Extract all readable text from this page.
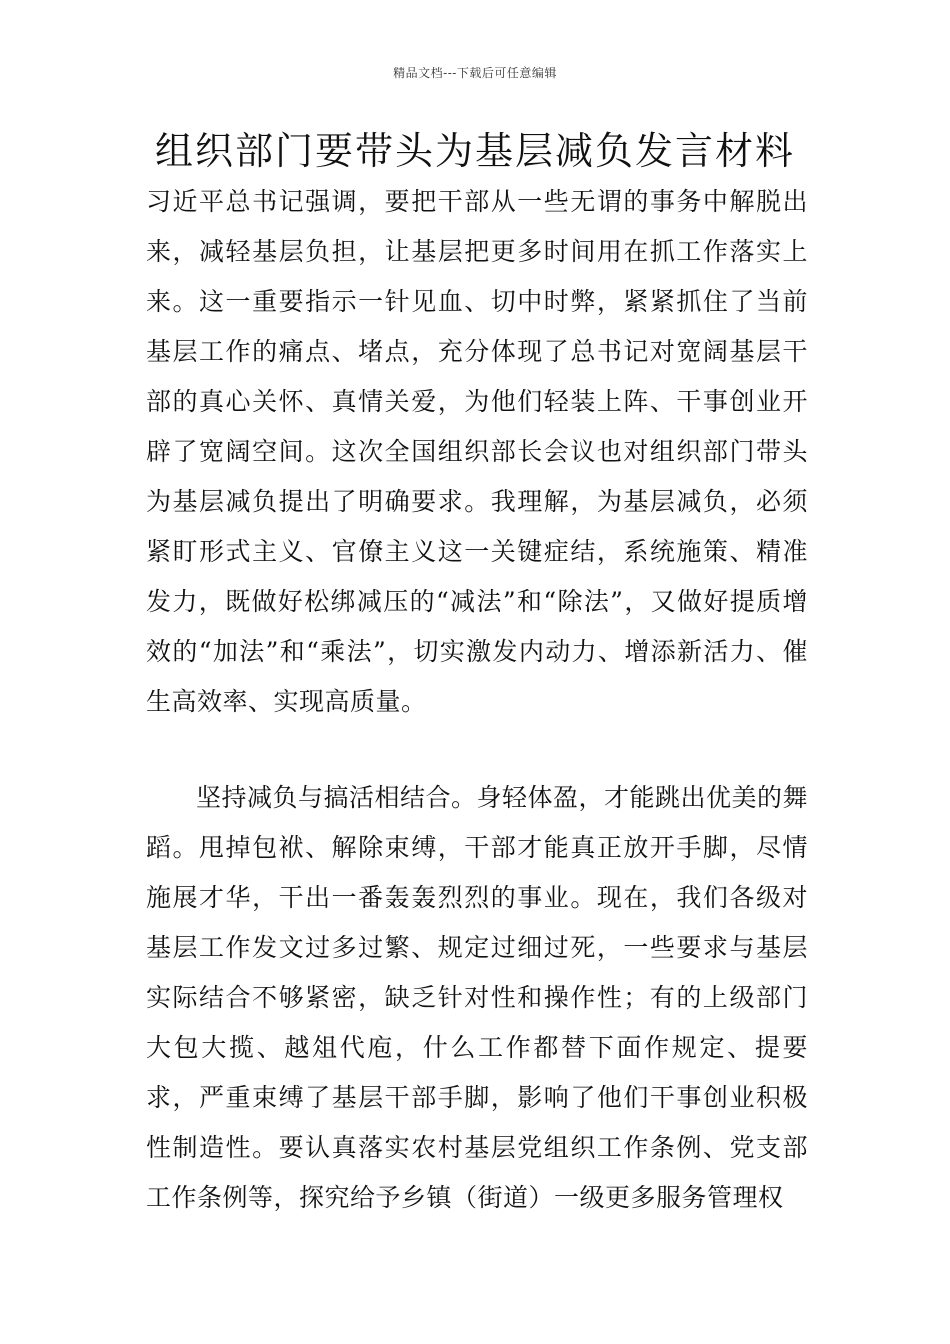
精品文档---下载后可任意编辑
组织部门要带头为基层减负发言材料

习近平总书记强调，要把干部从一些无谓的事务中解脱出来，减轻基层负担，让基层把更多时间用在抓工作落实上来。这一重要指示一针见血、切中时弊，紧紧抓住了当前基层工作的痛点、堵点，充分体现了总书记对宽阔基层干部的真心关怀、真情关爱，为他们轻装上阵、干事创业开辟了宽阔空间。这次全国组织部长会议也对组织部门带头为基层减负提出了明确要求。我理解，为基层减负，必须紧盯形式主义、官僚主义这一关键症结，系统施策、精准发力，既做好松绑减压的“减法”和“除法”，又做好提质增效的“加法”和“乘法”，切实激发内动力、增添新活力、催生高效率、实现高质量。

坚持减负与搞活相结合。身轻体盈，才能跳出优美的舞蹈。甩掉包袱、解除束缚，干部才能真正放开手脚，尽情施展才华，干出一番轰轰烈烈的事业。现在，我们各级对基层工作发文过多过繁、规定过细过死，一些要求与基层实际结合不够紧密，缺乏针对性和操作性；有的上级部门大包大揽、越俎代庖，什么工作都替下面作规定、提要求，严重束缚了基层干部手脚，影响了他们干事创业积极性制造性。要认真落实农村基层党组织工作条例、党支部工作条例等，探究给予乡镇（街道）一级更多服务管理权
